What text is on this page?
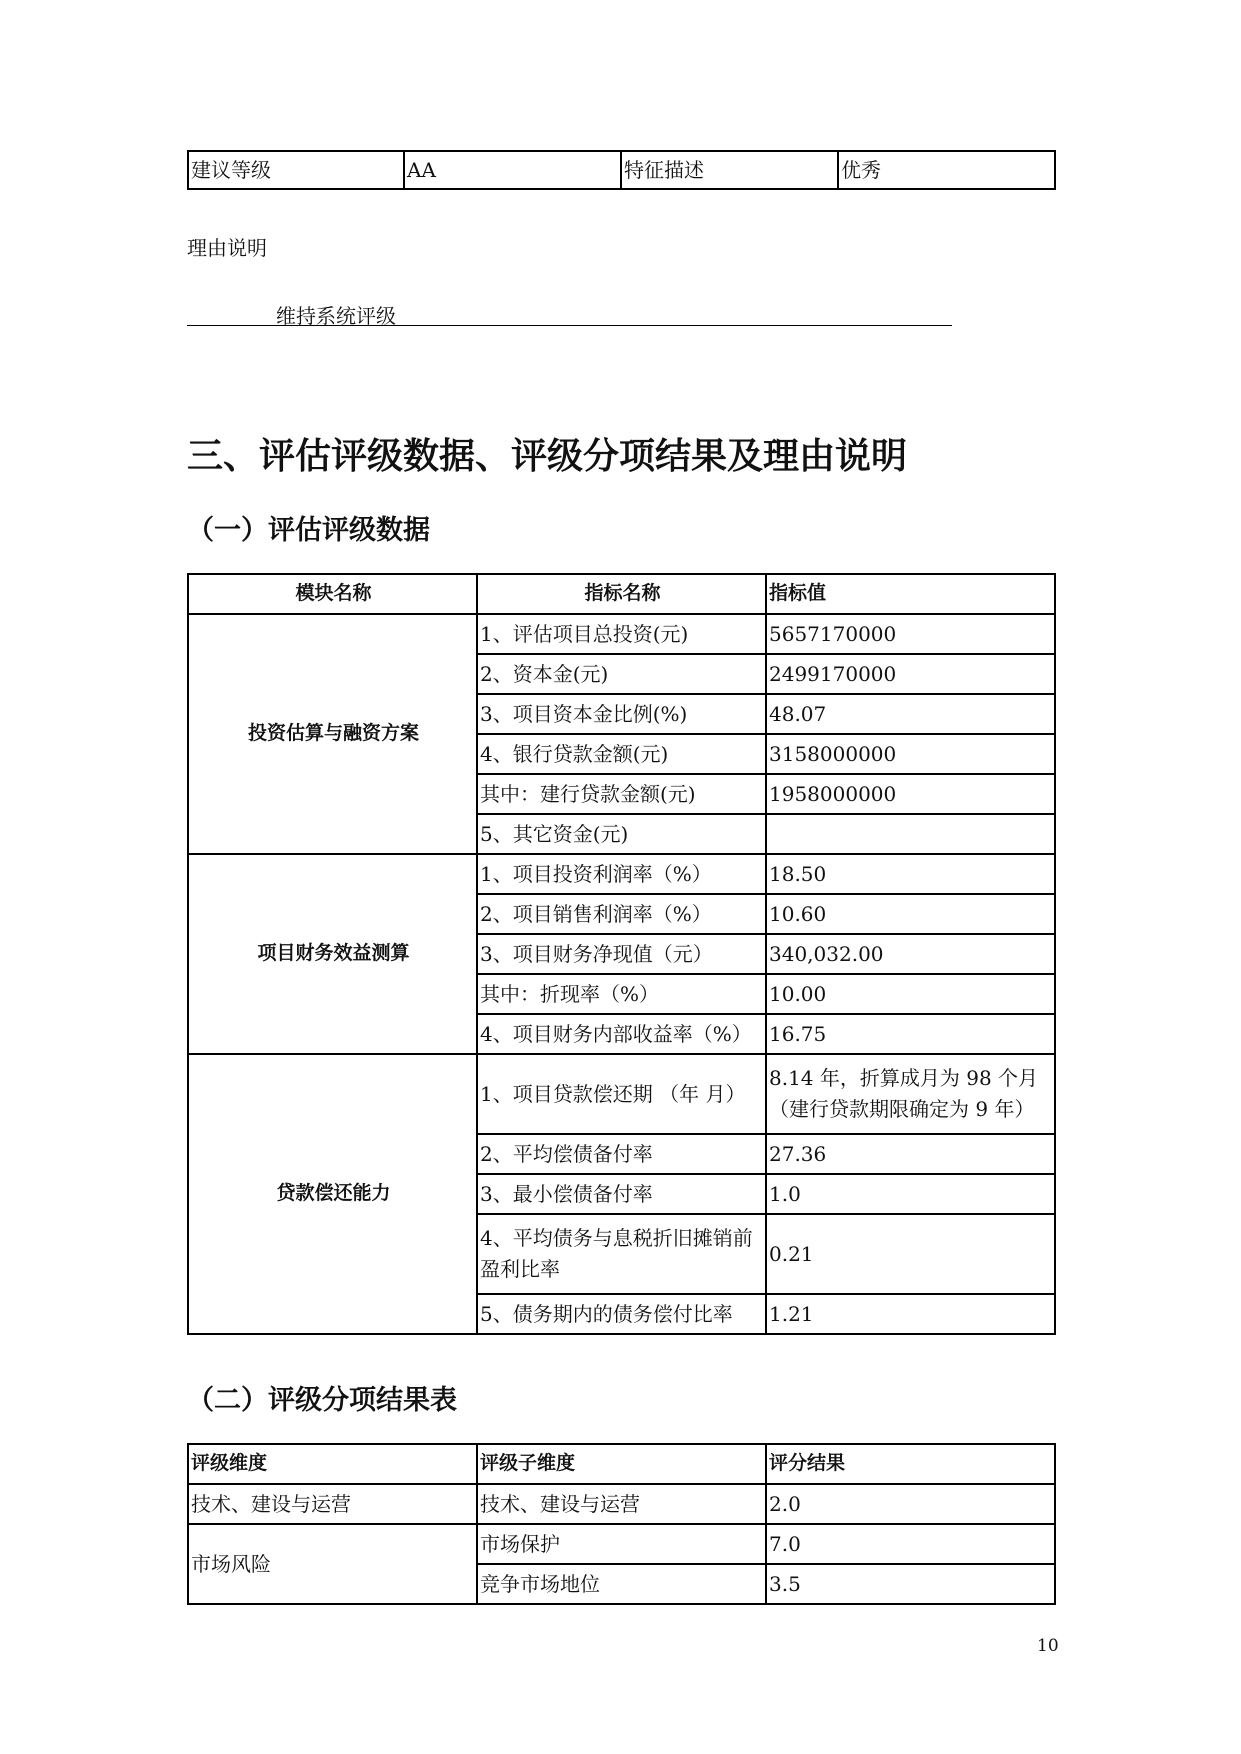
建议等级	AA	特征描述	优秀
理由说明
维持系统评级
三、评估评级数据、评级分项结果及理由说明
（一）评估评级数据
模块名称	指标名称	指标值
投资估算与融资方案	1、评估项目总投资(元)	5657170000
	2、资本金(元)	2499170000
	3、项目资本金比例(%)	48.07
	4、银行贷款金额(元)	3158000000
	其中：建行贷款金额(元)	1958000000
	5、其它资金(元)	
项目财务效益测算	1、项目投资利润率（%）	18.50
	2、项目销售利润率（%）	10.60
	3、项目财务净现值（元）	340,032.00
	其中：折现率（%）	10.00
	4、项目财务内部收益率（%）	16.75
贷款偿还能力	1、项目贷款偿还期 （年 月）	8.14 年，折算成月为 98 个月（建行贷款期限确定为 9 年）
	2、平均偿债备付率	27.36
	3、最小偿债备付率	1.0
	4、平均债务与息税折旧摊销前盈利比率	0.21
	5、债务期内的债务偿付比率	1.21
（二）评级分项结果表
评级维度	评级子维度	评分结果
技术、建设与运营	技术、建设与运营	2.0
市场风险	市场保护	7.0
	竞争市场地位	3.5
10
